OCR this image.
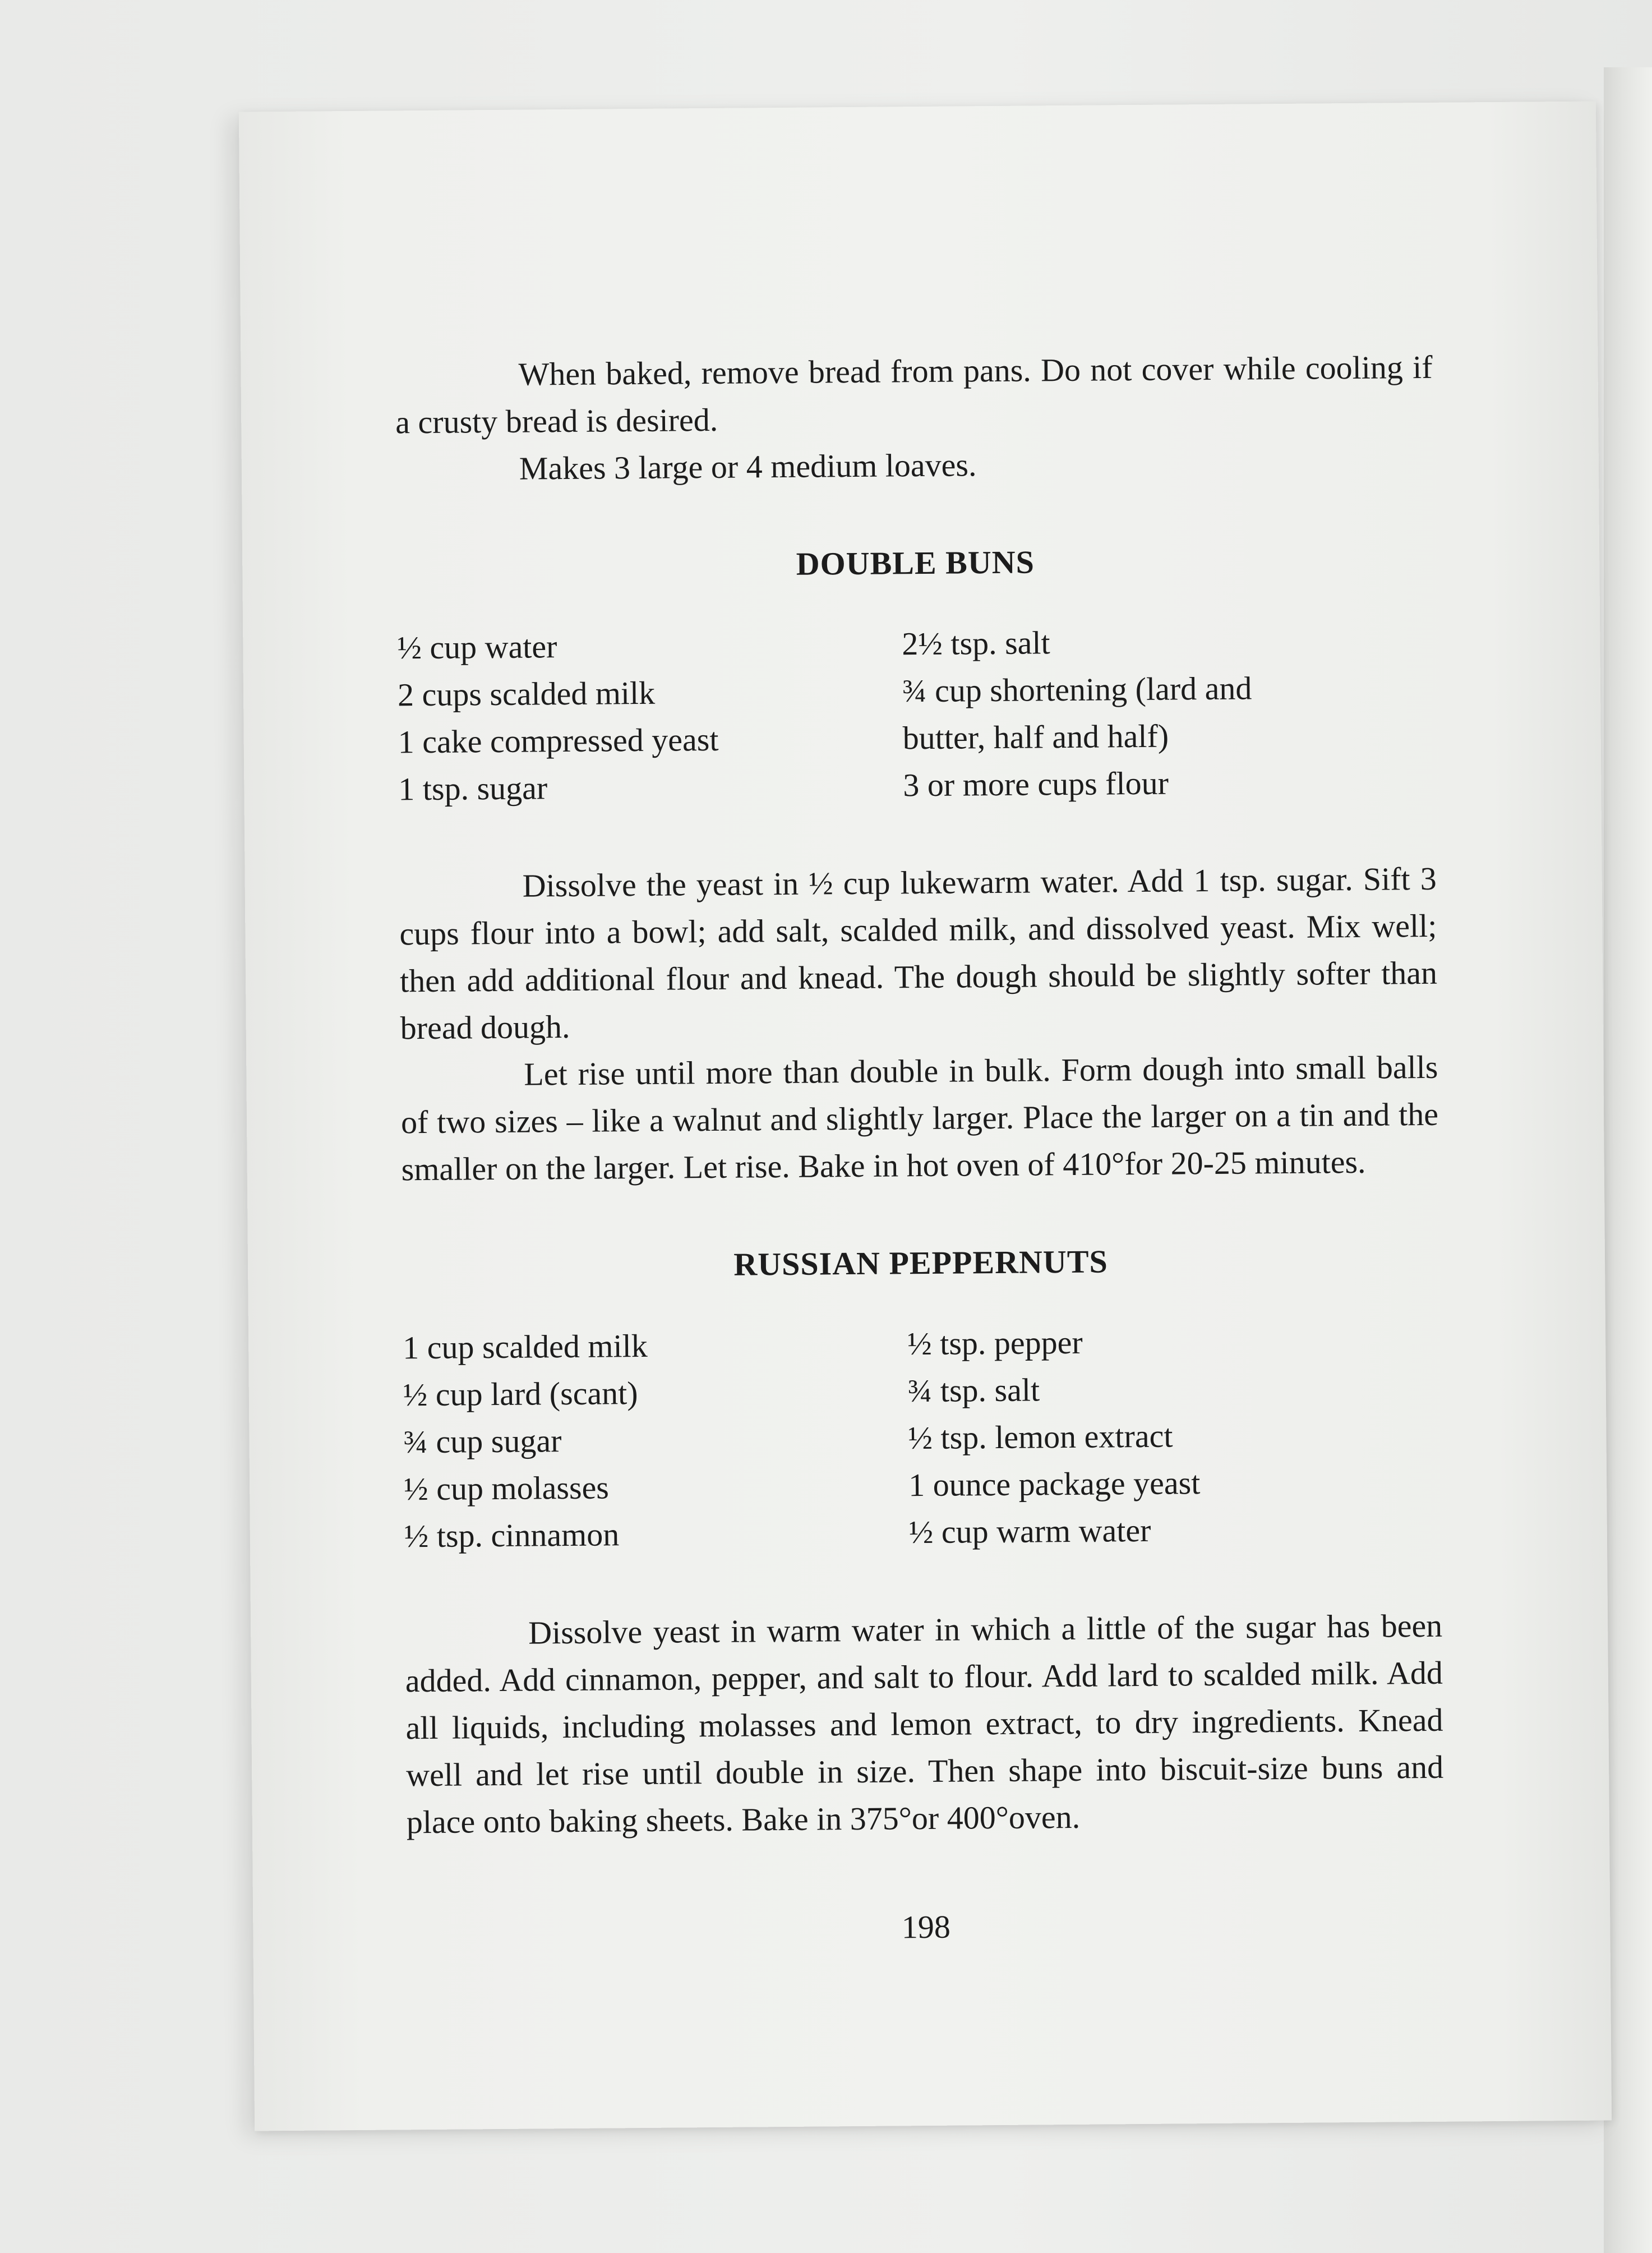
When baked, remove bread from pans. Do not cover while cooling if a crusty bread is desired.

Makes 3 large or 4 medium loaves.

DOUBLE BUNS
½ cup water
2 cups scalded milk
1 cake compressed yeast
1 tsp. sugar
2½ tsp. salt
¾ cup shortening (lard and
butter, half and half)
3 or more cups flour

Dissolve the yeast in ½ cup lukewarm water. Add 1 tsp. sugar. Sift 3 cups flour into a bowl; add salt, scalded milk, and dissolved yeast. Mix well; then add additional flour and knead. The dough should be slightly softer than bread dough.

Let rise until more than double in bulk. Form dough into small balls of two sizes – like a walnut and slightly larger. Place the larger on a tin and the smaller on the larger. Let rise. Bake in hot oven of 410°for 20-25 minutes.

RUSSIAN PEPPERNUTS
1 cup scalded milk
½ cup lard (scant)
¾ cup sugar
½ cup molasses
½ tsp. cinnamon
½ tsp. pepper
¾ tsp. salt
½ tsp. lemon extract
1 ounce package yeast
½ cup warm water

Dissolve yeast in warm water in which a little of the sugar has been added. Add cinnamon, pepper, and salt to flour. Add lard to scalded milk. Add all liquids, including molasses and lemon extract, to dry ingredients. Knead well and let rise until double in size. Then shape into biscuit-size buns and place onto baking sheets. Bake in 375°or 400°oven.

198
